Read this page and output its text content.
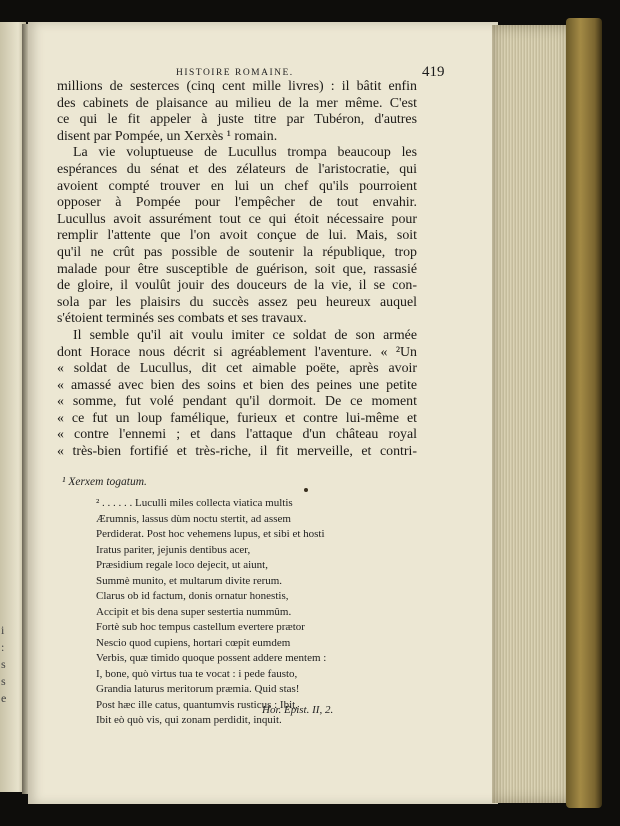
i
:
s
s
e
HISTOIRE ROMAINE.	419

millions de sesterces (cinq cent mille livres) : il bâtit enfin

des cabinets de plaisance au milieu de la mer même. C'est

ce qui le fit appeler à juste titre par Tubéron, d'autres

disent par Pompée, un Xerxès ¹ romain.

La vie voluptueuse de Lucullus trompa beaucoup les

espérances du sénat et des zélateurs de l'aristocratie, qui

avoient compté trouver en lui un chef qu'ils pourroient

opposer à Pompée pour l'empêcher de tout envahir.

Lucullus avoit assurément tout ce qui étoit nécessaire pour

remplir l'attente que l'on avoit conçue de lui. Mais, soit

qu'il ne crût pas possible de soutenir la république, trop

malade pour être susceptible de guérison, soit que, rassasié

de gloire, il voulût jouir des douceurs de la vie, il se con-

sola par les plaisirs du succès assez peu heureux auquel

s'étoient terminés ses combats et ses travaux.

Il semble qu'il ait voulu imiter ce soldat de son armée

dont Horace nous décrit si agréablement l'aventure. « ²Un

« soldat de Lucullus, dit cet aimable poëte, après avoir

« amassé avec bien des soins et bien des peines une petite

« somme, fut volé pendant qu'il dormoit. De ce moment

« ce fut un loup famélique, furieux et contre lui-même et

« contre l'ennemi ; et dans l'attaque d'un château royal

« très-bien fortifié et très-riche, il fit merveille, et contri-

¹ Xerxem togatum.
² . . . . . . Luculli miles collecta viatica multis
Ærumnis, lassus dùm noctu stertit, ad assem
Perdiderat. Post hoc vehemens lupus, et sibi et hosti
Iratus pariter, jejunis dentibus acer,
Præsidium regale loco dejecit, ut aiunt,
Summè munito, et multarum divite rerum.
Clarus ob id factum, donis ornatur honestis,
Accipit et bis dena super sestertia nummûm.
Fortè sub hoc tempus castellum evertere prætor
Nescio quod cupiens, hortari cœpit eumdem
Verbis, quæ timido quoque possent addere mentem :
I, bone, quò virtus tua te vocat : i pede fausto,
Grandia laturus meritorum præmia. Quid stas!
Post hæc ille catus, quantumvis rusticus : Ibit,
Ibit eò quò vis, qui zonam perdidit, inquit.
Hor. Epist. II, 2.
